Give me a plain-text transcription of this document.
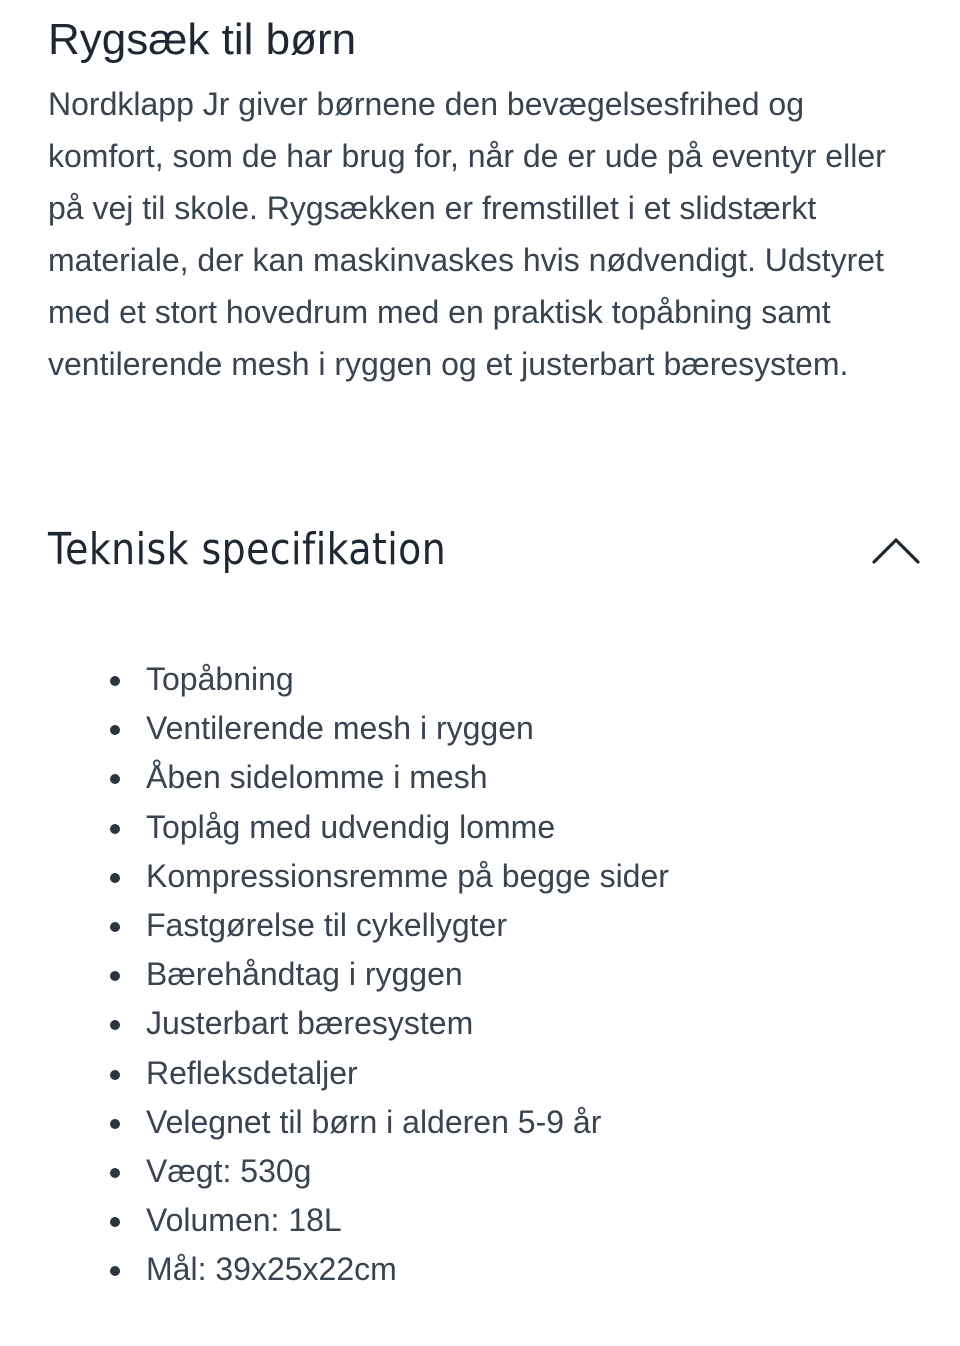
Rygsæk til børn

Nordklapp Jr giver børnene den bevægelsesfrihed og komfort, som de har brug for, når de er ude på eventyr eller på vej til skole. Rygsækken er fremstillet i et slidstærkt materiale, der kan maskinvaskes hvis nødvendigt. Udstyret med et stort hovedrum med en praktisk topåbning samt ventilerende mesh i ryggen og et justerbart bæresystem.

Teknisk specifikation
Topåbning
Ventilerende mesh i ryggen
Åben sidelomme i mesh
Toplåg med udvendig lomme
Kompressionsremme på begge sider
Fastgørelse til cykellygter
Bærehåndtag i ryggen
Justerbart bæresystem
Refleksdetaljer
Velegnet til børn i alderen 5-9 år
Vægt: 530g
Volumen: 18L
Mål: 39x25x22cm
